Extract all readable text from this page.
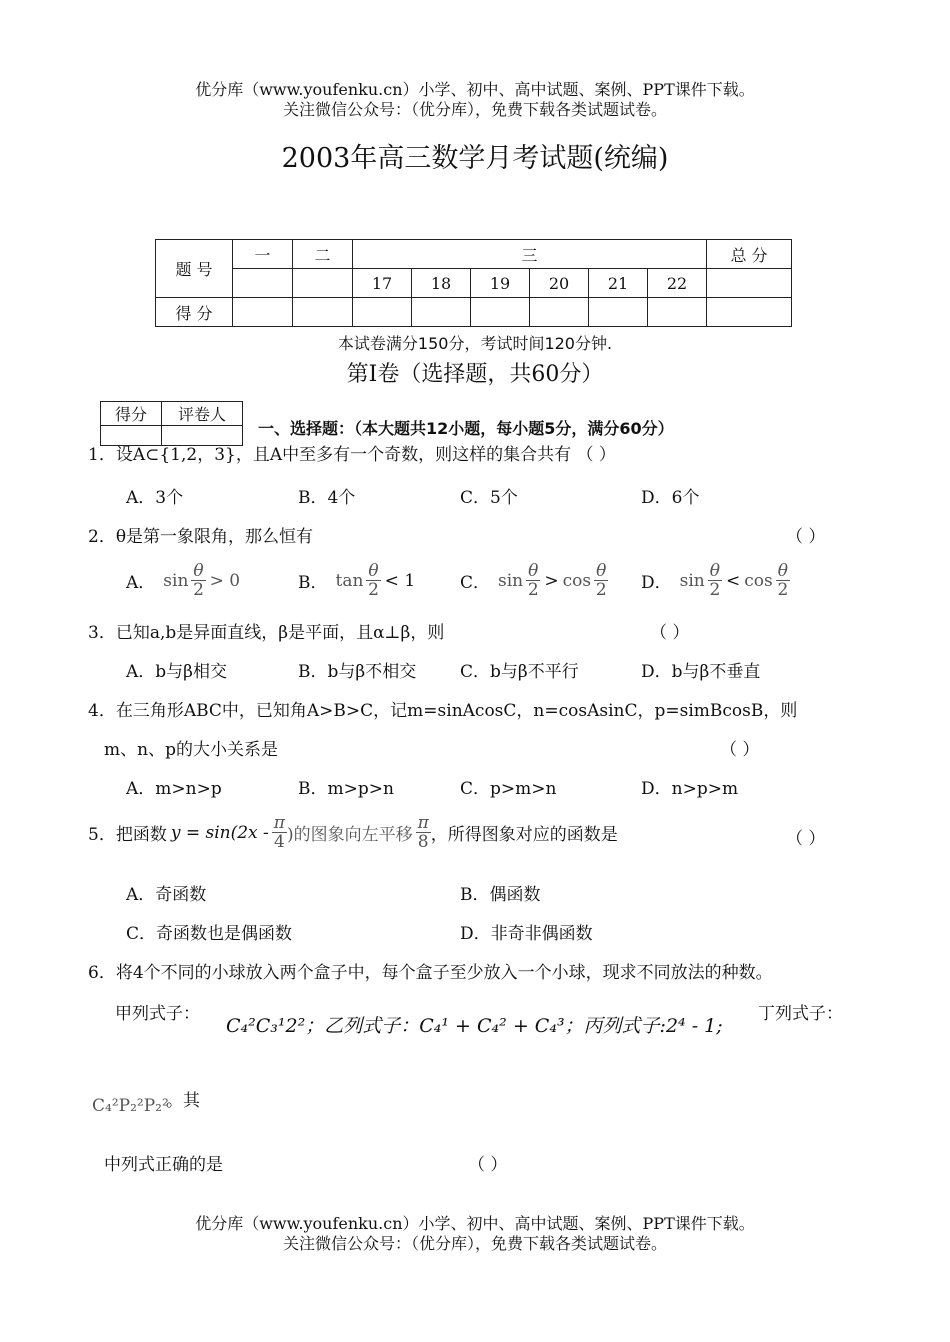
优分库（www.youfenku.cn）小学、初中、高中试题、案例、PPT课件下载。
关注微信公众号：（优分库），免费下载各类试题试卷。
2003年高三数学月考试题(统编)
题 号	一	二	三						总 分
			17	18	19	20	21	22	
得 分									
本试卷满分150分，考试时间120分钟.
第Ⅰ卷（选择题，共60分）
得分	评卷人

一、选择题：（本大题共12小题，每小题5分，满分60分）
1．设A⊂{1,2，3}，且A中至多有一个奇数，则这样的集合共有 （ ）
A．3个	B．4个	C．5个	D．6个
2．θ是第一象限角，那么恒有	（ ）
A． $\sin \frac{\theta}{2} > 0$	B． $\tan \frac{\theta}{2} < 1$	C． $\sin \frac{\theta}{2} > \cos \frac{\theta}{2}$ D． $\sin \frac{\theta}{2} < \cos \frac{\theta}{2}$
3．已知a,b是异面直线，β是平面，且α⊥β，则	（ ）
A．b与β相交	B．b与β不相交	C．b与β不平行	D．b与β不垂直
4．在三角形ABC中，已知角A>B>C，记m=sinAcosC，n=cosAsinC，p=simBcosB，则
m、n、p的大小关系是	（ ）
A．m>n>p	B．m>p>n	C．p>m>n	D．n>p>m
5．把函数 $y = \sin(2x - \frac{\pi}{4}$ )的图象向左平移 $\frac{\pi}{8}$ ，所得图象对应的函数是	（ ）
A．奇函数	B．偶函数
C．奇函数也是偶函数	D．非奇非偶函数
6．将4个不同的小球放入两个盒子中，每个盒子至少放入一个小球，现求不同放法的种数。
甲列式子：
C₄²C₃¹2²；乙列式子：C₄¹ + C₄² + C₄³；丙列式子:2⁴ - 1;
丁列式子：
C₄²P₂²P₂²
。其
中列式正确的是	（ ）
优分库（www.youfenku.cn）小学、初中、高中试题、案例、PPT课件下载。
关注微信公众号：（优分库），免费下载各类试题试卷。
